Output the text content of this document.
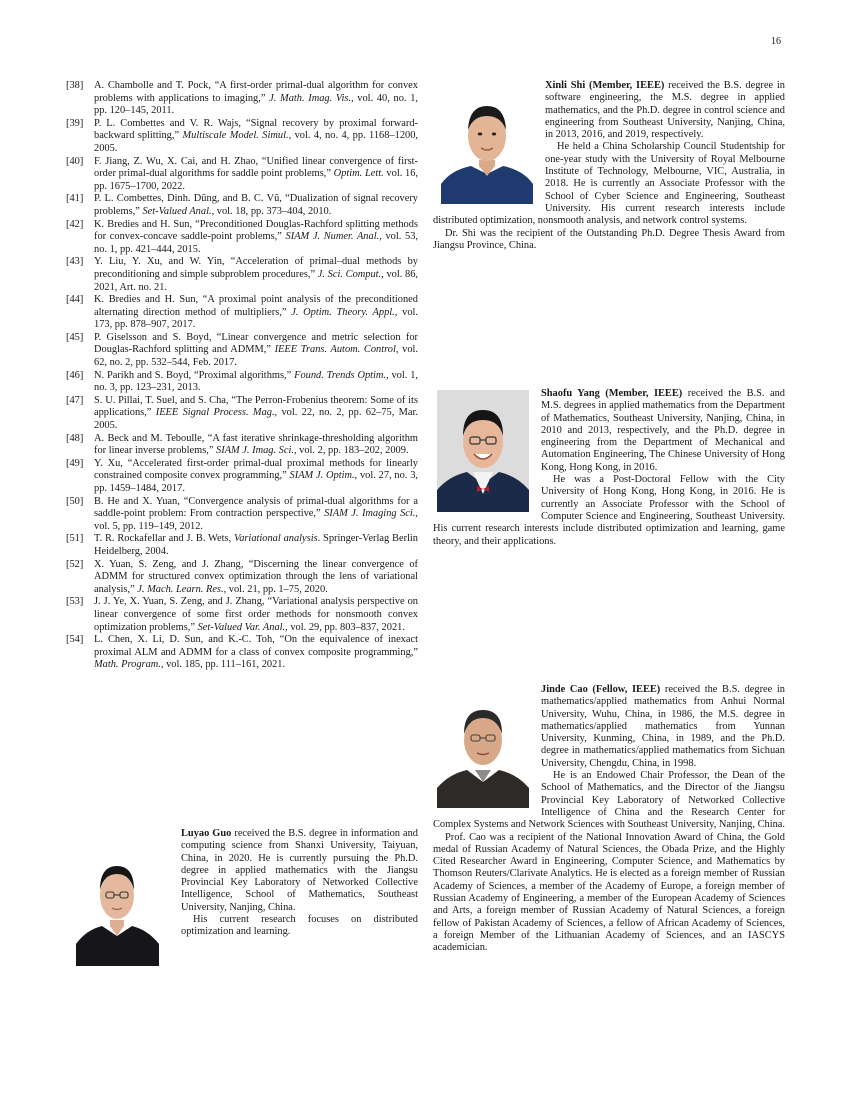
16

[38] A. Chambolle and T. Pock, “A first-order primal-dual algorithm for convex problems with applications to imaging,” J. Math. Imag. Vis., vol. 40, no. 1, pp. 120–145, 2011.

[39] P. L. Combettes and V. R. Wajs, “Signal recovery by proximal forward-backward splitting,” Multiscale Model. Simul., vol. 4, no. 4, pp. 1168–1200, 2005.

[40] F. Jiang, Z. Wu, X. Cai, and H. Zhao, “Unified linear convergence of first-order primal-dual algorithms for saddle point problems,” Optim. Lett. vol. 16, pp. 1675–1700, 2022.

[41] P. L. Combettes, Dinh. Dũng, and B. C. Vũ, “Dualization of signal recovery problems,” Set-Valued Anal., vol. 18, pp. 373–404, 2010.

[42] K. Bredies and H. Sun, “Preconditioned Douglas-Rachford splitting methods for convex-concave saddle-point problems,” SIAM J. Numer. Anal., vol. 53, no. 1, pp. 421–444, 2015.

[43] Y. Liu, Y. Xu, and W. Yin, “Acceleration of primal–dual methods by preconditioning and simple subproblem procedures,” J. Sci. Comput., vol. 86, 2021, Art. no. 21.

[44] K. Bredies and H. Sun, “A proximal point analysis of the preconditioned alternating direction method of multipliers,” J. Optim. Theory. Appl., vol. 173, pp. 878–907, 2017.

[45] P. Giselsson and S. Boyd, “Linear convergence and metric selection for Douglas-Rachford splitting and ADMM,” IEEE Trans. Autom. Control, vol. 62, no. 2, pp. 532–544, Feb. 2017.

[46] N. Parikh and S. Boyd, “Proximal algorithms,” Found. Trends Optim., vol. 1, no. 3, pp. 123–231, 2013.

[47] S. U. Pillai, T. Suel, and S. Cha, “The Perron-Frobenius theorem: Some of its applications,” IEEE Signal Process. Mag., vol. 22, no. 2, pp. 62–75, Mar. 2005.

[48] A. Beck and M. Teboulle, “A fast iterative shrinkage-thresholding algorithm for linear inverse problems,” SIAM J. Imag. Sci., vol. 2, pp. 183–202, 2009.

[49] Y. Xu, “Accelerated first-order primal-dual proximal methods for linearly constrained composite convex programming,” SIAM J. Optim., vol. 27, no. 3, pp. 1459–1484, 2017.

[50] B. He and X. Yuan, “Convergence analysis of primal-dual algorithms for a saddle-point problem: From contraction perspective,” SIAM J. Imaging Sci., vol. 5, pp. 119–149, 2012.

[51] T. R. Rockafellar and J. B. Wets, Variational analysis. Springer-Verlag Berlin Heidelberg, 2004.

[52] X. Yuan, S. Zeng, and J. Zhang, “Discerning the linear convergence of ADMM for structured convex optimization through the lens of variational analysis,” J. Mach. Learn. Res., vol. 21, pp. 1–75, 2020.

[53] J. J. Ye, X. Yuan, S. Zeng, and J. Zhang, “Variational analysis perspective on linear convergence of some first order methods for nonsmooth convex optimization problems,” Set-Valued Var. Anal., vol. 29, pp. 803–837, 2021.

[54] L. Chen, X. Li, D. Sun, and K.-C. Toh, “On the equivalence of inexact proximal ALM and ADMM for a class of convex composite programming,” Math. Program., vol. 185, pp. 111–161, 2021.

Xinli Shi (Member, IEEE) received the B.S. degree in software engineering, the M.S. degree in applied mathematics, and the Ph.D. degree in control science and engineering from Southeast University, Nanjing, China, in 2013, 2016, and 2019, respectively.

He held a China Scholarship Council Studentship for one-year study with the University of Royal Melbourne Institute of Technology, Melbourne, VIC, Australia, in 2018. He is currently an Associate Professor with the School of Cyber Science and Engineering, Southeast University. His current research interests include distributed optimization, nonsmooth analysis, and network control systems.

Dr. Shi was the recipient of the Outstanding Ph.D. Degree Thesis Award from Jiangsu Province, China.

Shaofu Yang (Member, IEEE) received the B.S. and M.S. degrees in applied mathematics from the Department of Mathematics, Southeast University, Nanjing, China, in 2010 and 2013, respectively, and the Ph.D. degree in engineering from the Department of Mechanical and Automation Engineering, The Chinese University of Hong Kong, Hong Kong, in 2016.

He was a Post-Doctoral Fellow with the City University of Hong Kong, Hong Kong, in 2016. He is currently an Associate Professor with the School of Computer Science and Engineering, Southeast University. His current research interests include distributed optimization and learning, game theory, and their applications.

Jinde Cao (Fellow, IEEE) received the B.S. degree in mathematics/applied mathematics from Anhui Normal University, Wuhu, China, in 1986, the M.S. degree in mathematics/applied mathematics from Yunnan University, Kunming, China, in 1989, and the Ph.D. degree in mathematics/applied mathematics from Sichuan University, Chengdu, China, in 1998.

He is an Endowed Chair Professor, the Dean of the School of Mathematics, and the Director of the Jiangsu Provincial Key Laboratory of Networked Collective Intelligence of China and the Research Center for Complex Systems and Network Sciences with Southeast University, Nanjing, China.

Prof. Cao was a recipient of the National Innovation Award of China, the Gold medal of Russian Academy of Natural Sciences, the Obada Prize, and the Highly Cited Researcher Award in Engineering, Computer Science, and Mathematics by Thomson Reuters/Clarivate Analytics. He is elected as a foreign member of Russian Academy of Sciences, a member of the Academy of Europe, a foreign member of Russian Academy of Engineering, a member of the European Academy of Sciences and Arts, a foreign member of Russian Academy of Natural Sciences, a foreign fellow of Pakistan Academy of Sciences, a fellow of African Academy of Sciences, a foreign Member of the Lithuanian Academy of Sciences, and an IASCYS academician.

Luyao Guo received the B.S. degree in information and computing science from Shanxi University, Taiyuan, China, in 2020. He is currently pursuing the Ph.D. degree in applied mathematics with the Jiangsu Provincial Key Laboratory of Networked Collective Intelligence, School of Mathematics, Southeast University, Nanjing, China.

His current research focuses on distributed optimization and learning.
